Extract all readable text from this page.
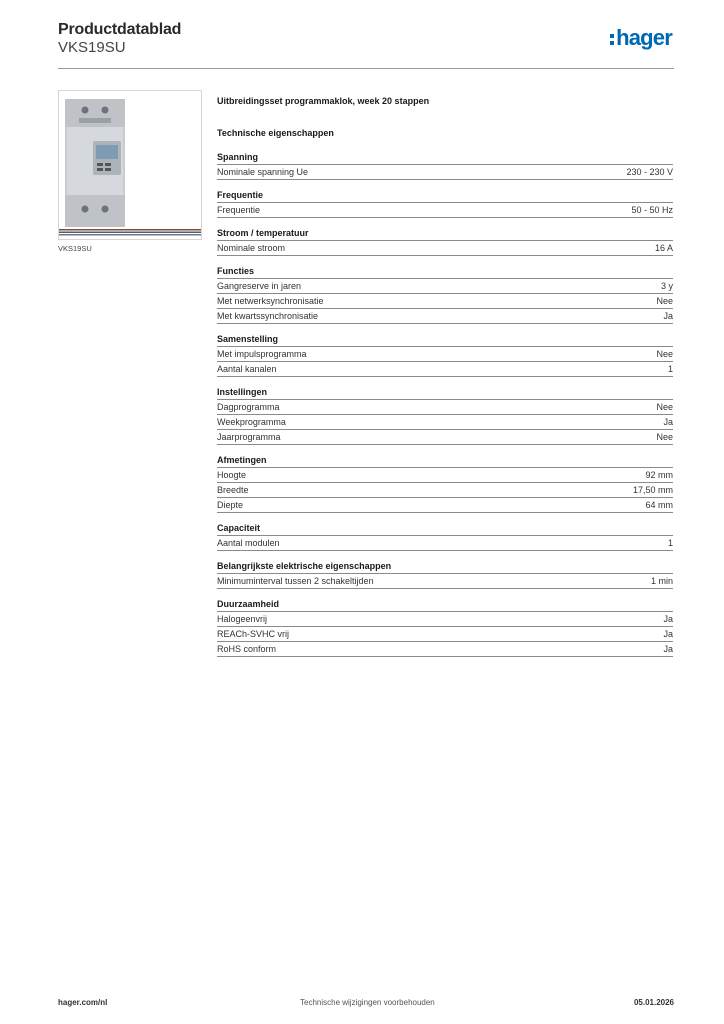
Productdatablad
VKS19SU	hager
VKS19SU
Uitbreidingsset programmaklok, week 20 stappen
Technische eigenschappen
Spanning
Nominale spanning Ue	230 - 230 V
Frequentie
Frequentie	50 - 50 Hz
Stroom / temperatuur
Nominale stroom	16 A
Functies
Gangreserve in jaren	3 y
Met netwerksynchronisatie	Nee
Met kwartssynchronisatie	Ja
Samenstelling
Met impulsprogramma	Nee
Aantal kanalen	1
Instellingen
Dagprogramma	Nee
Weekprogramma	Ja
Jaarprogramma	Nee
Afmetingen
Hoogte	92 mm
Breedte	17,50 mm
Diepte	64 mm
Capaciteit
Aantal modulen	1
Belangrijkste elektrische eigenschappen
Minimuminterval tussen 2 schakeltijden	1 min
Duurzaamheid
Halogeenvrij	Ja
REACh-SVHC vrij	Ja
RoHS conform	Ja
hager.com/nl	Technische wijzigingen voorbehouden	05.01.2026
